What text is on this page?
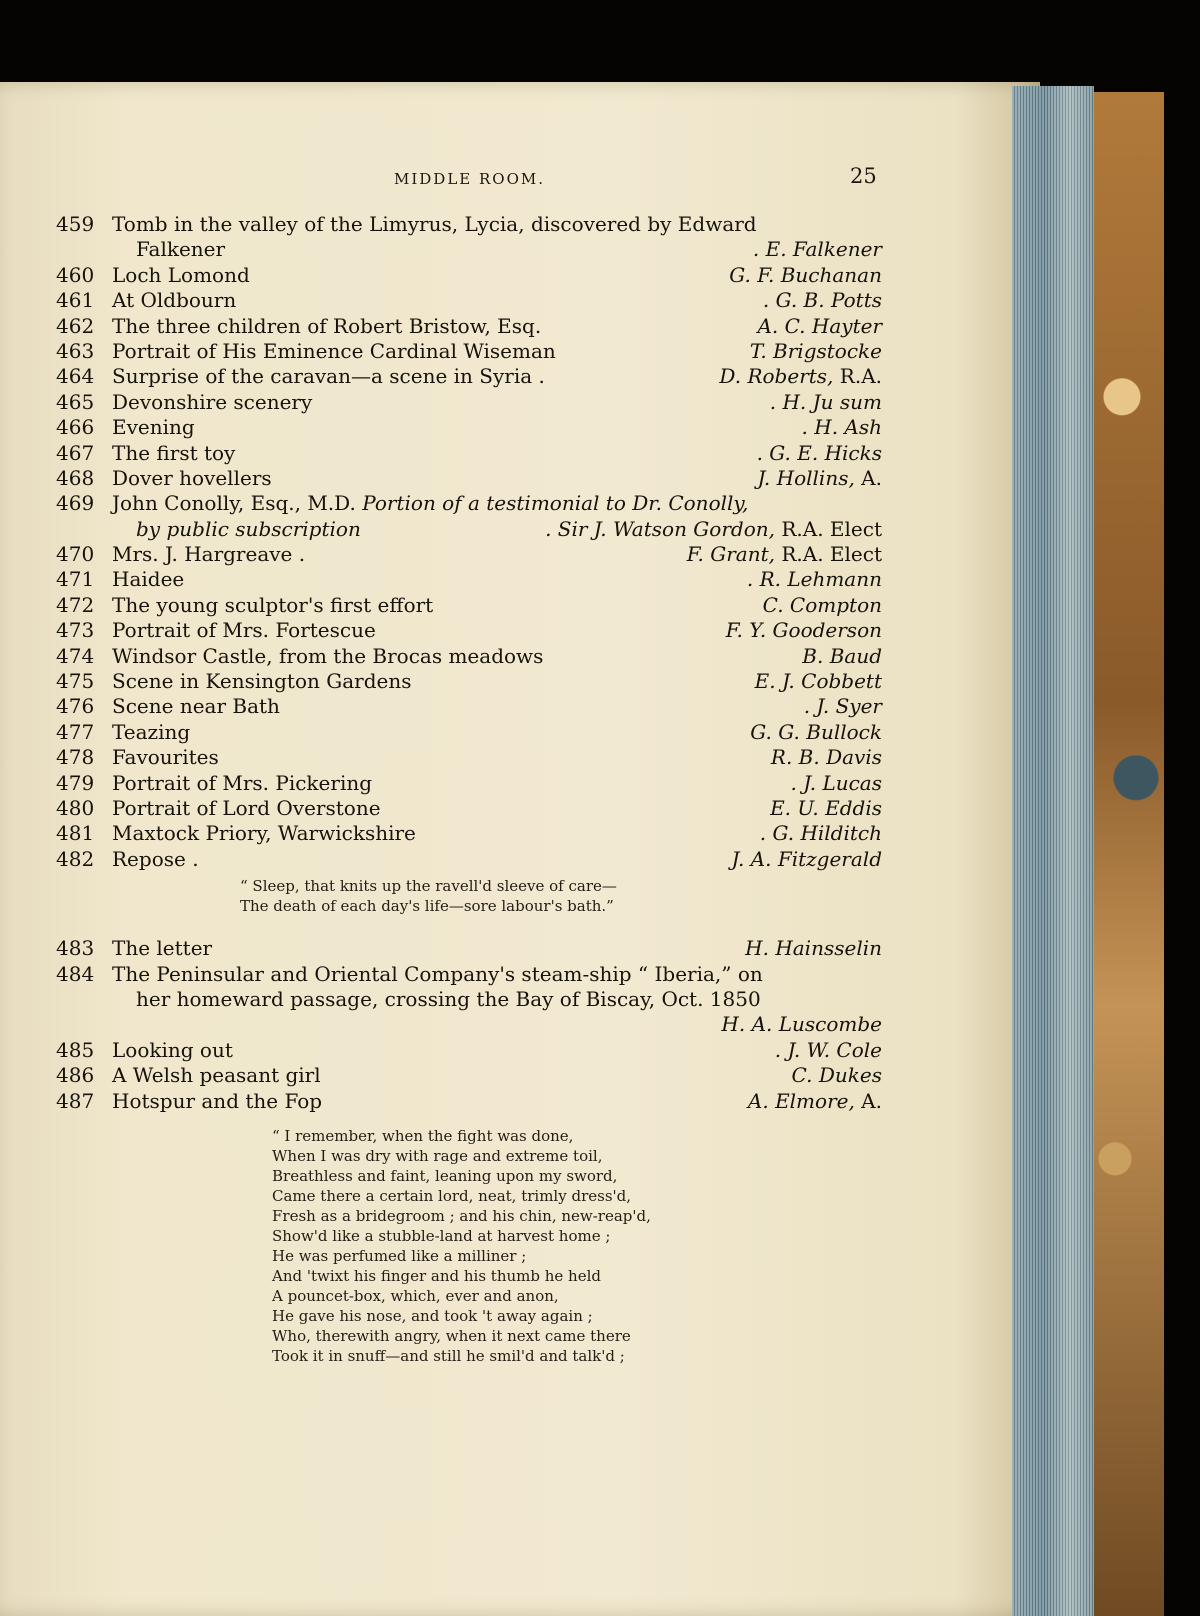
MIDDLE ROOM.	25
459 Tomb in the valley of the Limyrus, Lycia, discovered by Edward
Falkener	. E. Falkener
460 Loch Lomond	G. F. Buchanan
461 At Oldbourn	. G. B. Potts
462 The three children of Robert Bristow, Esq.	A. C. Hayter
463 Portrait of His Eminence Cardinal Wiseman	T. Brigstocke
464 Surprise of the caravan—a scene in Syria .	D. Roberts, R.A.
465 Devonshire scenery	. H. Ju sum
466 Evening	. H. Ash
467 The first toy	. G. E. Hicks
468 Dover hovellers	J. Hollins, A.
469 John Conolly, Esq., M.D. Portion of a testimonial to Dr. Conolly,
by public subscription	. Sir J. Watson Gordon, R.A. Elect
470 Mrs. J. Hargreave .	F. Grant, R.A. Elect
471 Haidee	. R. Lehmann
472 The young sculptor's first effort	C. Compton
473 Portrait of Mrs. Fortescue	F. Y. Gooderson
474 Windsor Castle, from the Brocas meadows	B. Baud
475 Scene in Kensington Gardens	E. J. Cobbett
476 Scene near Bath	. J. Syer
477 Teazing	G. G. Bullock
478 Favourites	R. B. Davis
479 Portrait of Mrs. Pickering	. J. Lucas
480 Portrait of Lord Overstone	E. U. Eddis
481 Maxtock Priory, Warwickshire	. G. Hilditch
482 Repose .	J. A. Fitzgerald
“ Sleep, that knits up the ravell'd sleeve of care—
The death of each day's life—sore labour's bath.”
483 The letter	H. Hainsselin
484 The Peninsular and Oriental Company's steam-ship “ Iberia,” on
her homeward passage, crossing the Bay of Biscay, Oct. 1850
H. A. Luscombe
485 Looking out	. J. W. Cole
486 A Welsh peasant girl	C. Dukes
487 Hotspur and the Fop	A. Elmore, A.
“ I remember, when the fight was done,
When I was dry with rage and extreme toil,
Breathless and faint, leaning upon my sword,
Came there a certain lord, neat, trimly dress'd,
Fresh as a bridegroom ; and his chin, new-reap'd,
Show'd like a stubble-land at harvest home ;
He was perfumed like a milliner ;
And 'twixt his finger and his thumb he held
A pouncet-box, which, ever and anon,
He gave his nose, and took 't away again ;
Who, therewith angry, when it next came there
Took it in snuff—and still he smil'd and talk'd ;
